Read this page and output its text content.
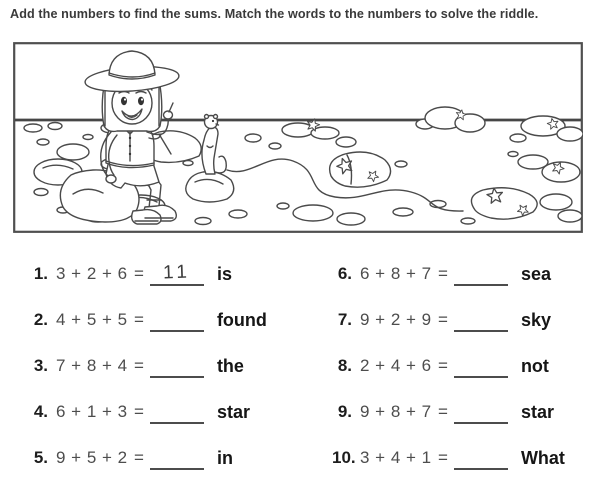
Add the numbers to find the sums. Match the words to the numbers to solve the riddle.
1. 3 + 2 + 6 = 11	is
2. 4 + 5 + 5 =	found
3. 7 + 8 + 4 =	the
4. 6 + 1 + 3 =	star
5. 9 + 5 + 2 =	in
6. 6 + 8 + 7 =	sea
7. 9 + 2 + 9 =	sky
8. 2 + 4 + 6 =	not
9. 9 + 8 + 7 =	star
10. 3 + 4 + 1 =	What
